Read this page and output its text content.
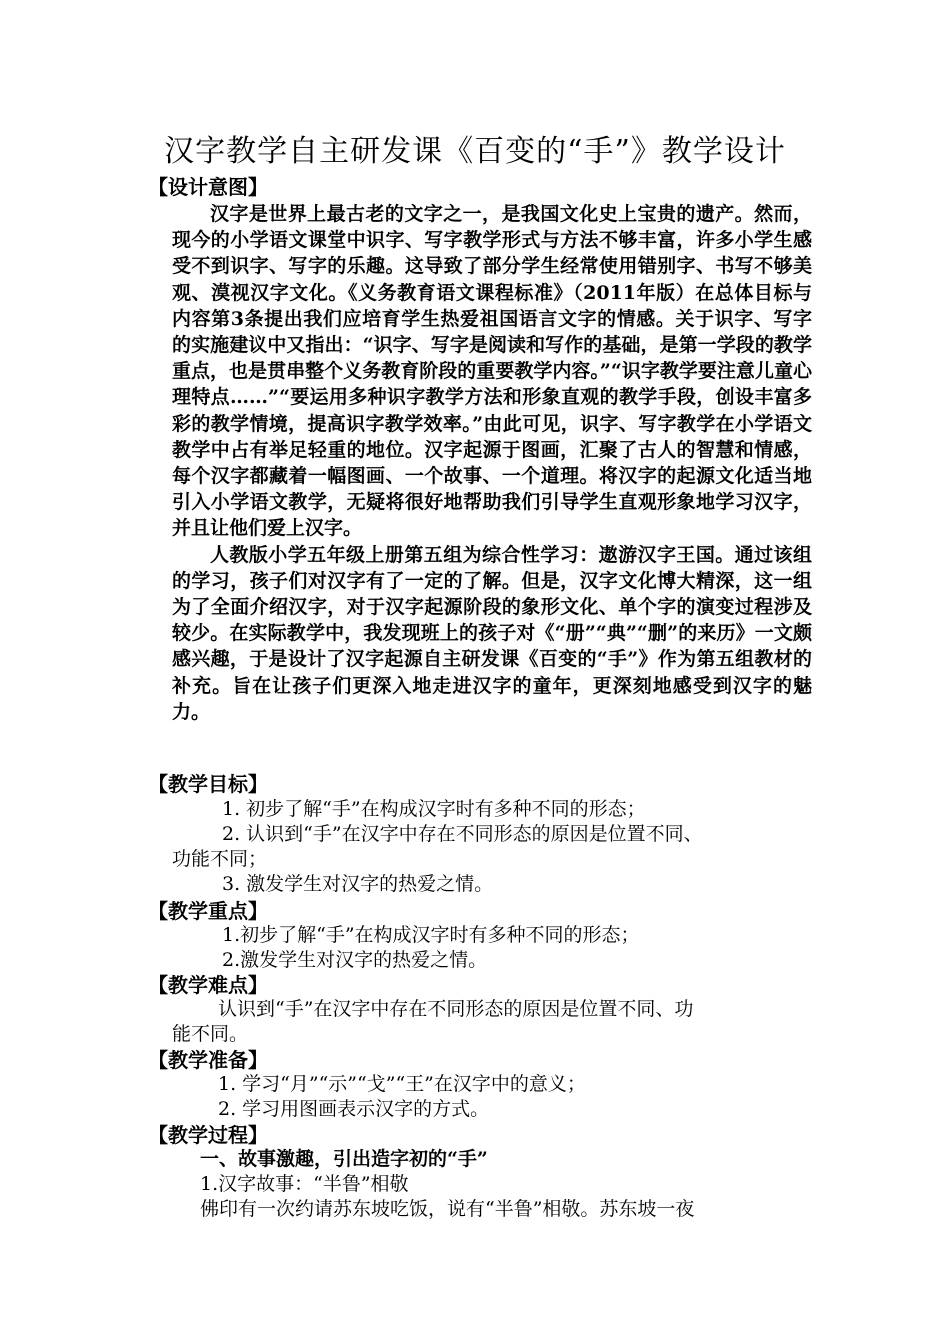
汉字教学自主研发课《百变的“手”》教学设计
【设计意图】

汉字是世界上最古老的文字之一，是我国文化史上宝贵的遗产。然而，现今的小学语文课堂中识字、写字教学形式与方法不够丰富，许多小学生感受不到识字、写字的乐趣。这导致了部分学生经常使用错别字、书写不够美观、漠视汉字文化。《义务教育语文课程标准》（2011年版）在总体目标与内容第3条提出我们应培育学生热爱祖国语言文字的情感。关于识字、写字的实施建议中又指出：“识字、写字是阅读和写作的基础，是第一学段的教学重点，也是贯串整个义务教育阶段的重要教学内容。”“识字教学要注意儿童心理特点……”“要运用多种识字教学方法和形象直观的教学手段，创设丰富多彩的教学情境，提高识字教学效率。”由此可见，识字、写字教学在小学语文教学中占有举足轻重的地位。汉字起源于图画，汇聚了古人的智慧和情感，每个汉字都藏着一幅图画、一个故事、一个道理。将汉字的起源文化适当地引入小学语文教学，无疑将很好地帮助我们引导学生直观形象地学习汉字，并且让他们爱上汉字。

人教版小学五年级上册第五组为综合性学习：遨游汉字王国。通过该组的学习，孩子们对汉字有了一定的了解。但是，汉字文化博大精深，这一组为了全面介绍汉字，对于汉字起源阶段的象形文化、单个字的演变过程涉及较少。在实际教学中，我发现班上的孩子对《“册”“典”“删”的来历》一文颇感兴趣，于是设计了汉字起源自主研发课《百变的“手”》作为第五组教材的补充。旨在让孩子们更深入地走进汉字的童年，更深刻地感受到汉字的魅力。

【教学目标】
1. 初步了解“手”在构成汉字时有多种不同的形态；
2. 认识到“手”在汉字中存在不同形态的原因是位置不同、
功能不同；
3. 激发学生对汉字的热爱之情。
【教学重点】
1.初步了解“手”在构成汉字时有多种不同的形态；
2.激发学生对汉字的热爱之情。
【教学难点】
认识到“手”在汉字中存在不同形态的原因是位置不同、功
能不同。
【教学准备】
1. 学习“月”“示”“戈”“王”在汉字中的意义；
2. 学习用图画表示汉字的方式。
【教学过程】
一、故事激趣，引出造字初的“手”
1.汉字故事：“半鲁”相敬
佛印有一次约请苏东坡吃饭，说有“半鲁”相敬。苏东坡一夜
